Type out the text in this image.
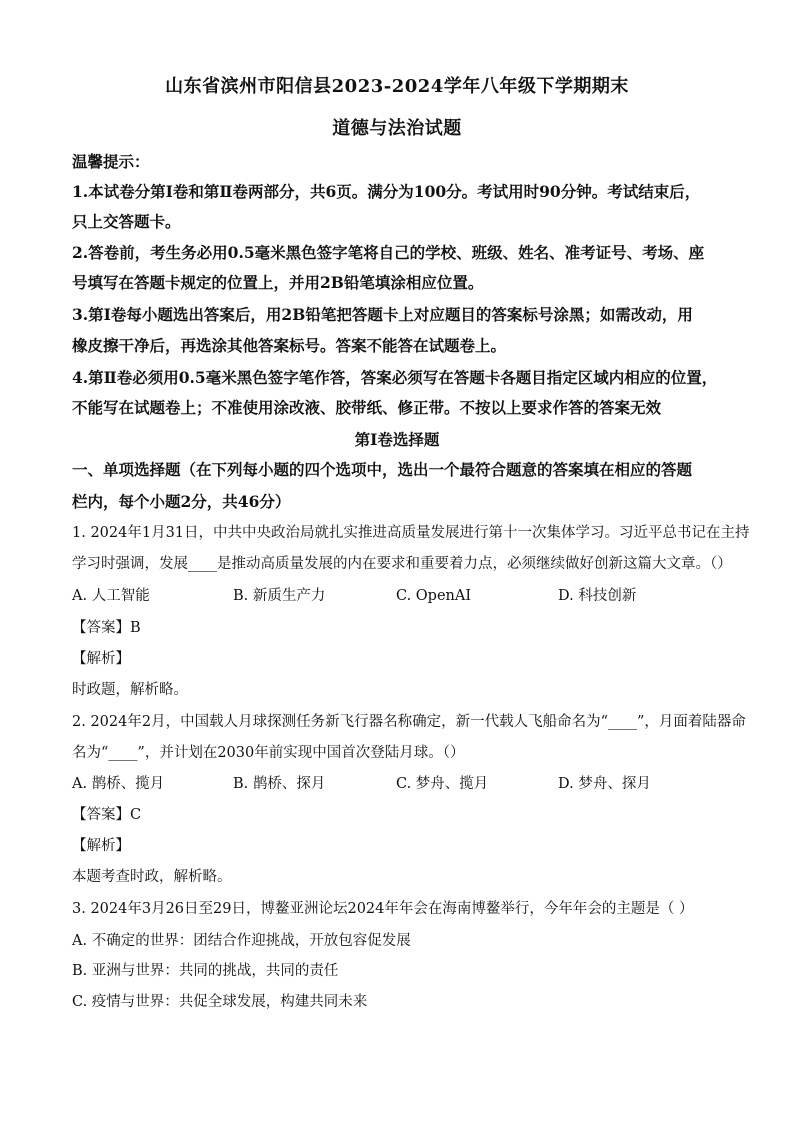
山东省滨州市阳信县2023-2024学年八年级下学期期末
道德与法治试题
温馨提示：
1.本试卷分第Ⅰ卷和第Ⅱ卷两部分，共6页。满分为100分。考试用时90分钟。考试结束后，
只上交答题卡。
2.答卷前，考生务必用0.5毫米黑色签字笔将自己的学校、班级、姓名、准考证号、考场、座
号填写在答题卡规定的位置上，并用2B铅笔填涂相应位置。
3.第Ⅰ卷每小题选出答案后，用2B铅笔把答题卡上对应题目的答案标号涂黑；如需改动，用
橡皮擦干净后，再选涂其他答案标号。答案不能答在试题卷上。
4.第Ⅱ卷必须用0.5毫米黑色签字笔作答，答案必须写在答题卡各题目指定区域内相应的位置，
不能写在试题卷上；不准使用涂改液、胶带纸、修正带。不按以上要求作答的答案无效
第Ⅰ卷选择题
一、单项选择题（在下列每小题的四个选项中，选出一个最符合题意的答案填在相应的答题
栏内，每个小题2分，共46分）
1. 2024年1月31日，中共中央政治局就扎实推进高质量发展进行第十一次集体学习。习近平总书记在主持
学习时强调，发展____是推动高质量发展的内在要求和重要着力点，必须继续做好创新这篇大文章。（）
A. 人工智能	B. 新质生产力	C. OpenAI	D. 科技创新
【答案】B
【解析】
时政题，解析略。
2. 2024年2月，中国载人月球探测任务新飞行器名称确定，新一代载人飞船命名为“____”，月面着陆器命
名为“____”，并计划在2030年前实现中国首次登陆月球。（）
A. 鹊桥、揽月	B. 鹊桥、探月	C. 梦舟、揽月	D. 梦舟、探月
【答案】C
【解析】
本题考查时政，解析略。
3. 2024年3月26日至29日，博鳌亚洲论坛2024年年会在海南博鳌举行，今年年会的主题是（ ）
A. 不确定的世界：团结合作迎挑战，开放包容促发展
B. 亚洲与世界：共同的挑战，共同的责任
C. 疫情与世界：共促全球发展，构建共同未来
